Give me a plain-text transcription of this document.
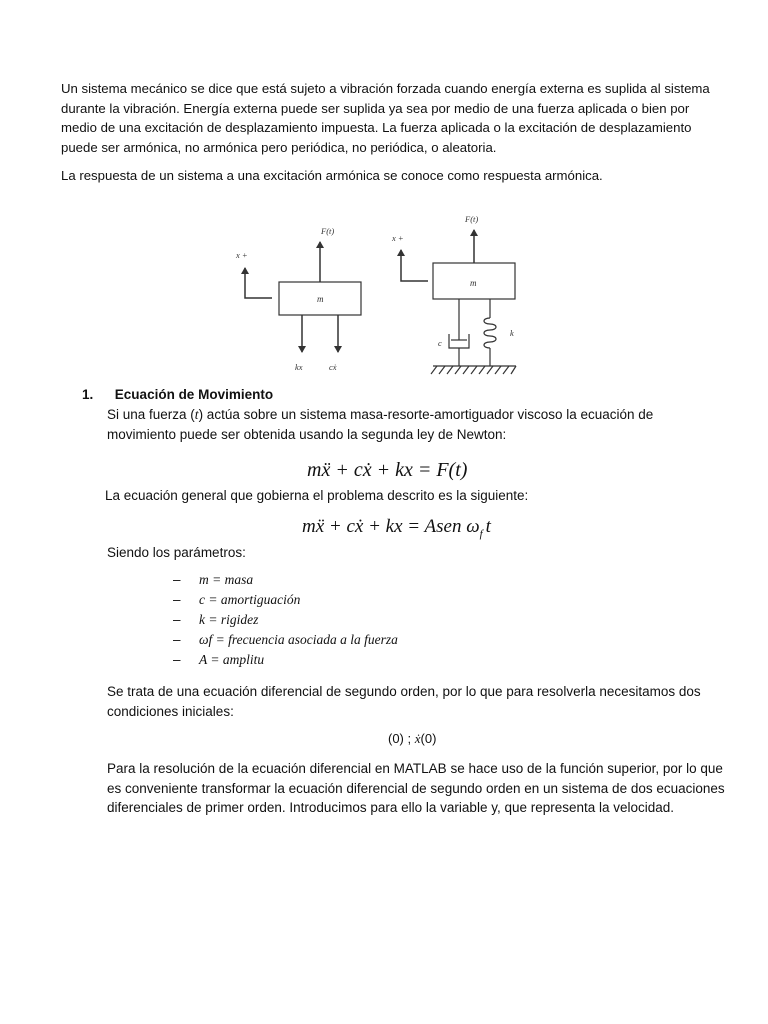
Un sistema mecánico se dice que está sujeto a vibración forzada cuando energía externa es suplida al sistema durante la vibración. Energía externa puede ser suplida ya sea por medio de una fuerza aplicada o bien por medio de una excitación de desplazamiento impuesta. La fuerza aplicada o la excitación de desplazamiento puede ser armónica, no armónica pero periódica, no periódica, o aleatoria.

La respuesta de un sistema a una excitación armónica se conoce como respuesta armónica.

m
F(t)
x +
kx	cẋ
m
F(t)
x +
c
k
1. Ecuación de Movimiento

Si una fuerza (t) actúa sobre un sistema masa-resorte-amortiguador viscoso la ecuación de movimiento puede ser obtenida usando la segunda ley de Newton:

mẍ + cẋ + kx = F(t)

La ecuación general que gobierna el problema descrito es la siguiente:

mẍ + cẋ + kx = Asen $\omega_f$ t

Siendo los parámetros:

– m = masa
– c = amortiguación
– k = rigidez
– ωf = frecuencia asociada a la fuerza
– A = amplitu

Se trata de una ecuación diferencial de segundo orden, por lo que para resolverla necesitamos dos condiciones iniciales:

(0) ; ẋ(0)

Para la resolución de la ecuación diferencial en MATLAB se hace uso de la función superior, por lo que es conveniente transformar la ecuación diferencial de segundo orden en un sistema de dos ecuaciones diferenciales de primer orden. Introducimos para ello la variable y, que representa la velocidad.
